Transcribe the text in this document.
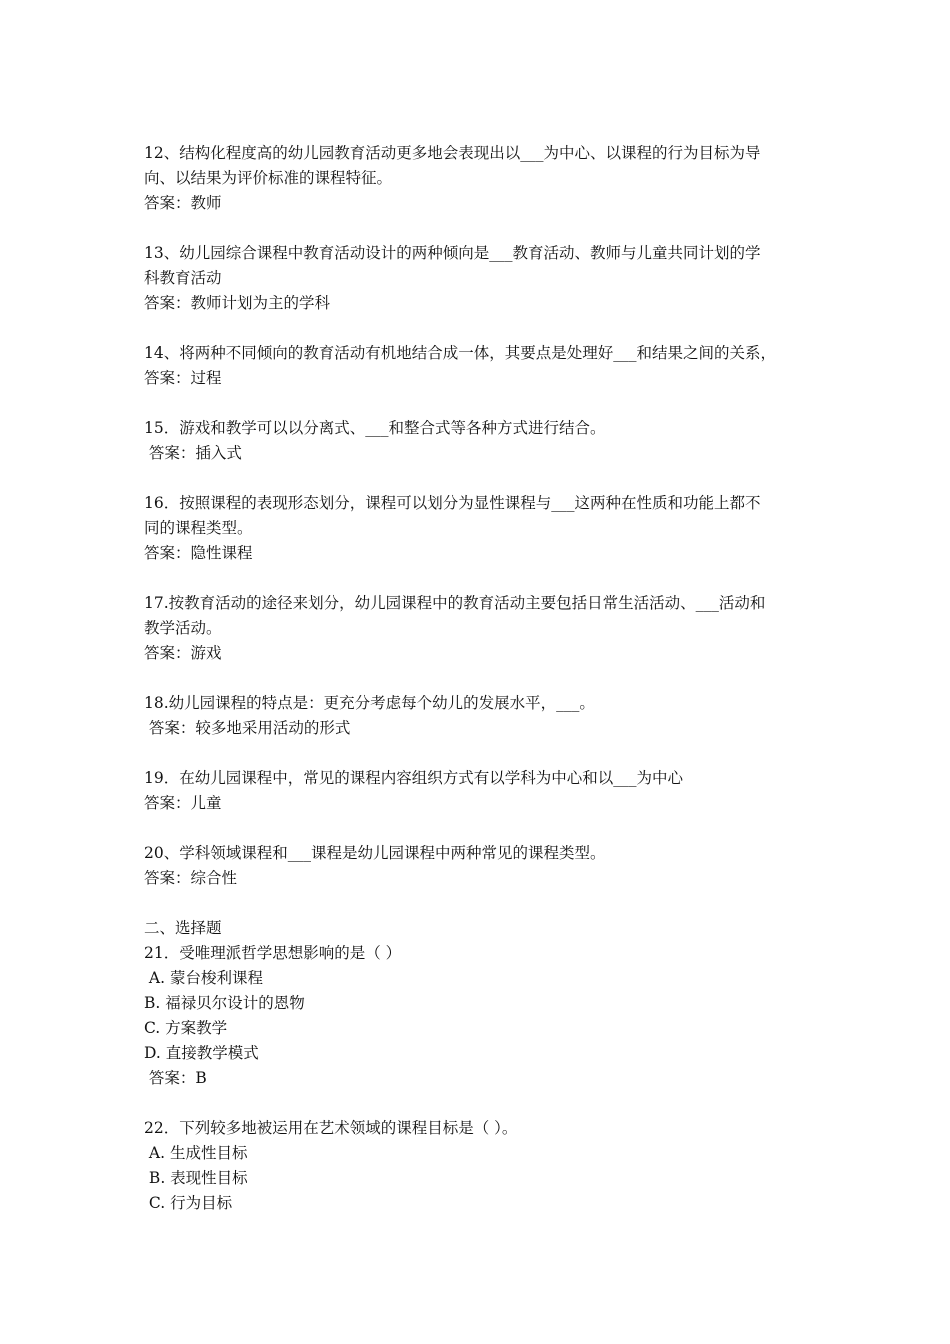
12、结构化程度高的幼儿园教育活动更多地会表现出以___为中心、以课程的行为目标为导
向、以结果为评价标准的课程特征。
答案：教师
13、幼儿园综合课程中教育活动设计的两种倾向是___教育活动、教师与儿童共同计划的学
科教育活动
答案：教师计划为主的学科
14、将两种不同倾向的教育活动有机地结合成一体，其要点是处理好___和结果之间的关系，
答案：过程
15．游戏和教学可以以分离式、___和整合式等各种方式进行结合。
答案：插入式
16．按照课程的表现形态划分，课程可以划分为显性课程与___这两种在性质和功能上都不
同的课程类型。
答案：隐性课程
17.按教育活动的途径来划分，幼儿园课程中的教育活动主要包括日常生活活动、___活动和
教学活动。
答案：游戏
18.幼儿园课程的特点是：更充分考虑每个幼儿的发展水平，___。
答案：较多地采用活动的形式
19．在幼儿园课程中，常见的课程内容组织方式有以学科为中心和以___为中心
答案：儿童
20、学科领域课程和___课程是幼儿园课程中两种常见的课程类型。
答案：综合性
二、选择题
21．受唯理派哲学思想影响的是（ ）
A. 蒙台梭利课程
B. 福禄贝尔设计的恩物
C. 方案教学
D. 直接教学模式
答案：B
22．下列较多地被运用在艺术领域的课程目标是（ ）。
A. 生成性目标
B. 表现性目标
C. 行为目标
